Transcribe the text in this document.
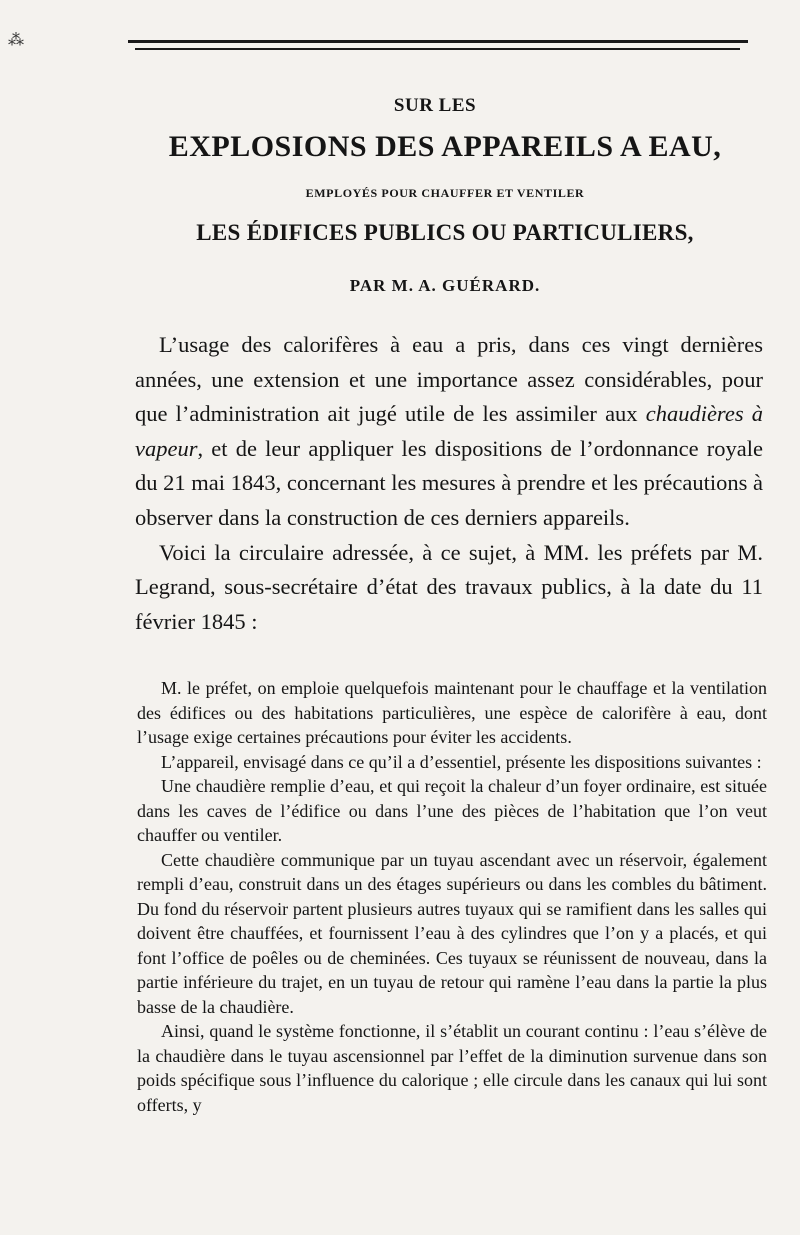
⁂
SUR LES
EXPLOSIONS DES APPAREILS A EAU,
EMPLOYÉS POUR CHAUFFER ET VENTILER
LES ÉDIFICES PUBLICS OU PARTICULIERS,
PAR M. A. GUÉRARD.

L’usage des calorifères à eau a pris, dans ces vingt dernières années, une extension et une importance assez considérables, pour que l’administration ait jugé utile de les assimiler aux chaudières à vapeur, et de leur appliquer les dispositions de l’ordonnance royale du 21 mai 1843, concernant les mesures à prendre et les précautions à observer dans la construction de ces derniers appareils.

Voici la circulaire adressée, à ce sujet, à MM. les préfets par M. Legrand, sous-secrétaire d’état des travaux publics, à la date du 11 février 1845 :

M. le préfet, on emploie quelquefois maintenant pour le chauffage et la ventilation des édifices ou des habitations particulières, une espèce de calorifère à eau, dont l’usage exige certaines précautions pour éviter les accidents.

L’appareil, envisagé dans ce qu’il a d’essentiel, présente les dispositions suivantes :

Une chaudière remplie d’eau, et qui reçoit la chaleur d’un foyer ordinaire, est située dans les caves de l’édifice ou dans l’une des pièces de l’habitation que l’on veut chauffer ou ventiler.

Cette chaudière communique par un tuyau ascendant avec un réservoir, également rempli d’eau, construit dans un des étages supérieurs ou dans les combles du bâtiment. Du fond du réservoir partent plusieurs autres tuyaux qui se ramifient dans les salles qui doivent être chauffées, et fournissent l’eau à des cylindres que l’on y a placés, et qui font l’office de poêles ou de cheminées. Ces tuyaux se réunissent de nouveau, dans la partie inférieure du trajet, en un tuyau de retour qui ramène l’eau dans la partie la plus basse de la chaudière.

Ainsi, quand le système fonctionne, il s’établit un courant continu : l’eau s’élève de la chaudière dans le tuyau ascensionnel par l’effet de la diminution survenue dans son poids spécifique sous l’influence du calorique ; elle circule dans les canaux qui lui sont offerts, y
